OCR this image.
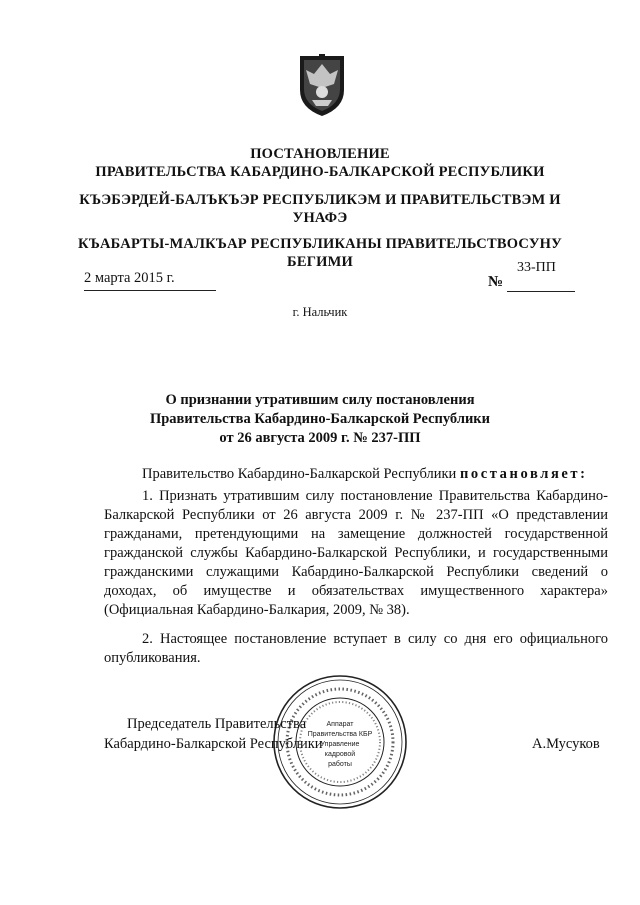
ПОСТАНОВЛЕНИЕ
ПРАВИТЕЛЬСТВА КАБАРДИНО-БАЛКАРСКОЙ РЕСПУБЛИКИ
КЪЭБЭРДЕЙ-БАЛЪКЪЭР РЕСПУБЛИКЭМ И ПРАВИТЕЛЬСТВЭМ И
УНАФЭ
КЪАБАРТЫ-МАЛКЪАР РЕСПУБЛИКАНЫ ПРАВИТЕЛЬСТВОСУНУ
БЕГИМИ
2 марта 2015 г.
33-ПП
№
г. Нальчик
О признании утратившим силу постановления
Правительства Кабардино-Балкарской Республики
от 26 августа 2009 г. № 237-ПП
Правительство Кабардино-Балкарской Республики постановляет:
1. Признать утратившим силу постановление Правительства Кабардино-Балкарской Республики от 26 августа 2009 г. № 237-ПП «О представлении гражданами, претендующими на замещение должностей государственной гражданской службы Кабардино-Балкарской Республики, и государственными гражданскими служащими Кабардино-Балкарской Республики сведений о доходах, об имуществе и обязательствах имущественного характера» (Официальная Кабардино-Балкария, 2009, № 38).
2. Настоящее постановление вступает в силу со дня его официального опубликования.
Аппарат
Правительства КБР
Управление
кадровой
работы
Председатель Правительства
Кабардино-Балкарской Республики	А.Мусуков
